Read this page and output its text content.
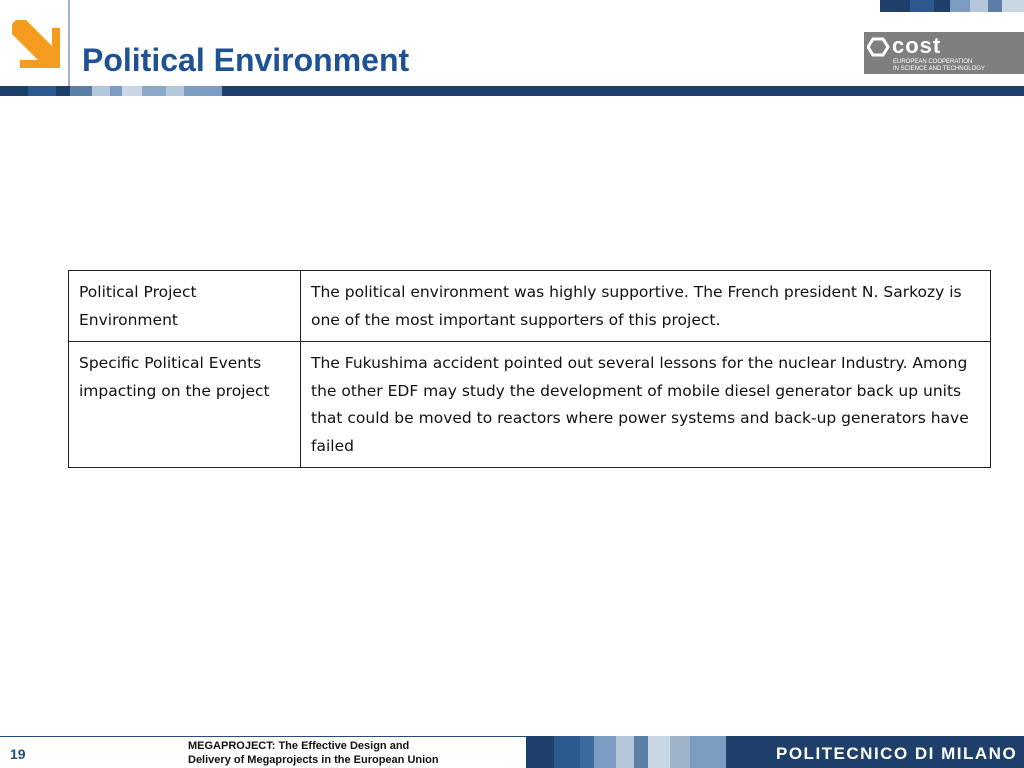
Political Environment	cost
EUROPEAN COOPERATION
IN SCIENCE AND TECHNOLOGY
Political Project Environment	The political environment was highly supportive. The French president N. Sarkozy is one of the most important supporters of this project.
Specific Political Events impacting on the project	The Fukushima accident pointed out several lessons for the nuclear Industry. Among the other EDF may study the development of mobile diesel generator back up units that could be moved to reactors where power systems and back-up generators have failed
19	MEGAPROJECT: The Effective Design and
Delivery of Megaprojects in the European Union	POLITECNICO DI MILANO
